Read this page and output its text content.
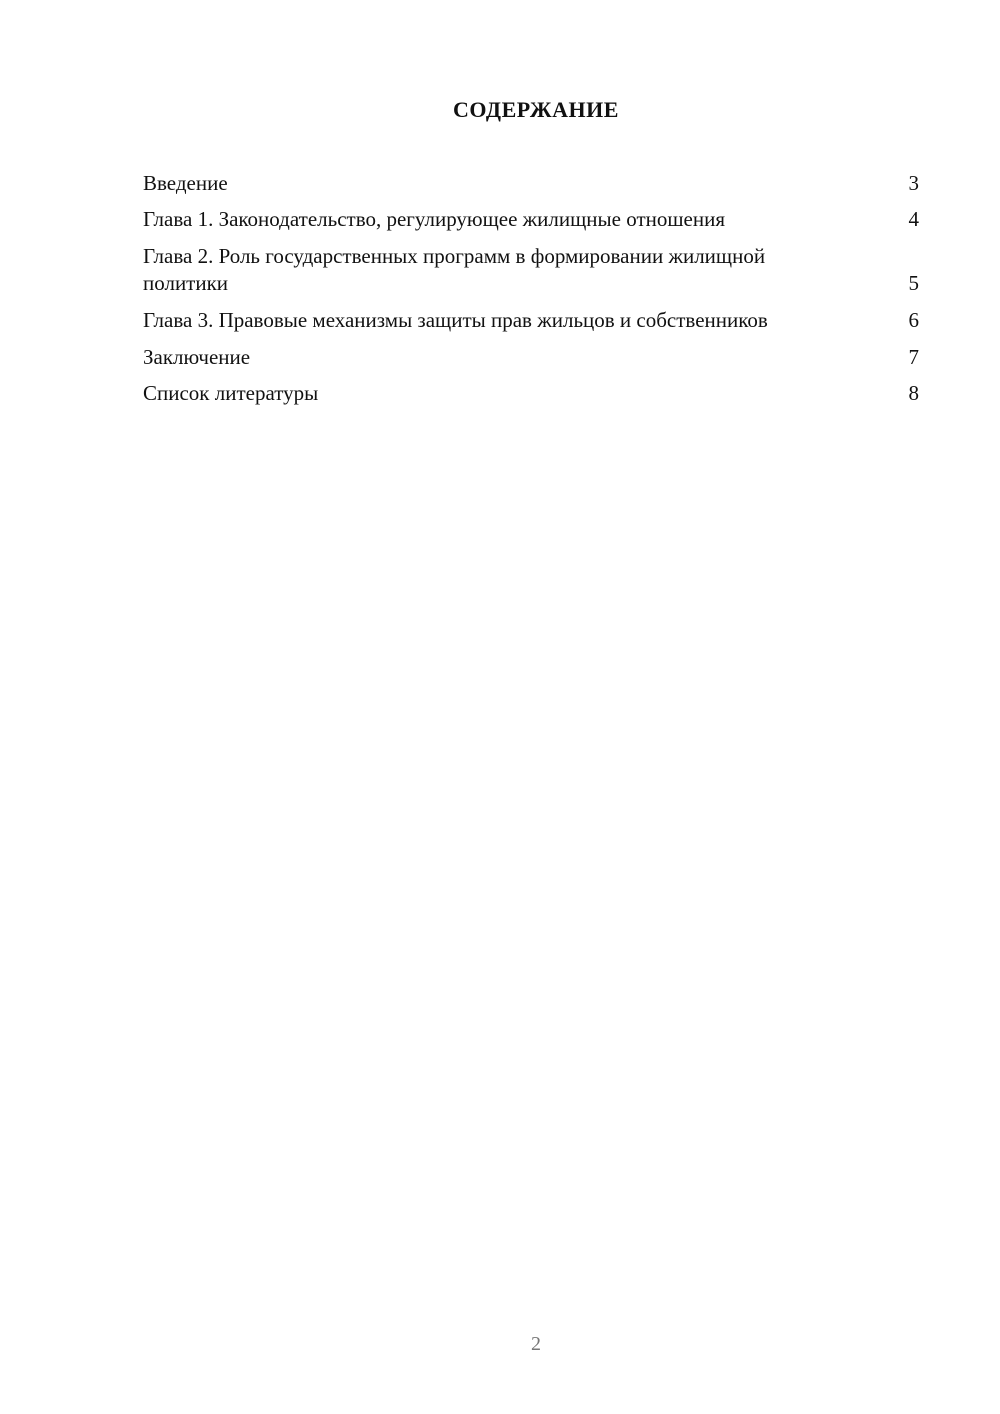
СОДЕРЖАНИЕ
Введение	3
Глава 1. Законодательство, регулирующее жилищные отношения	4
Глава 2. Роль государственных программ в формировании жилищной политики	5
Глава 3. Правовые механизмы защиты прав жильцов и собственников	6
Заключение	7
Список литературы	8
2
